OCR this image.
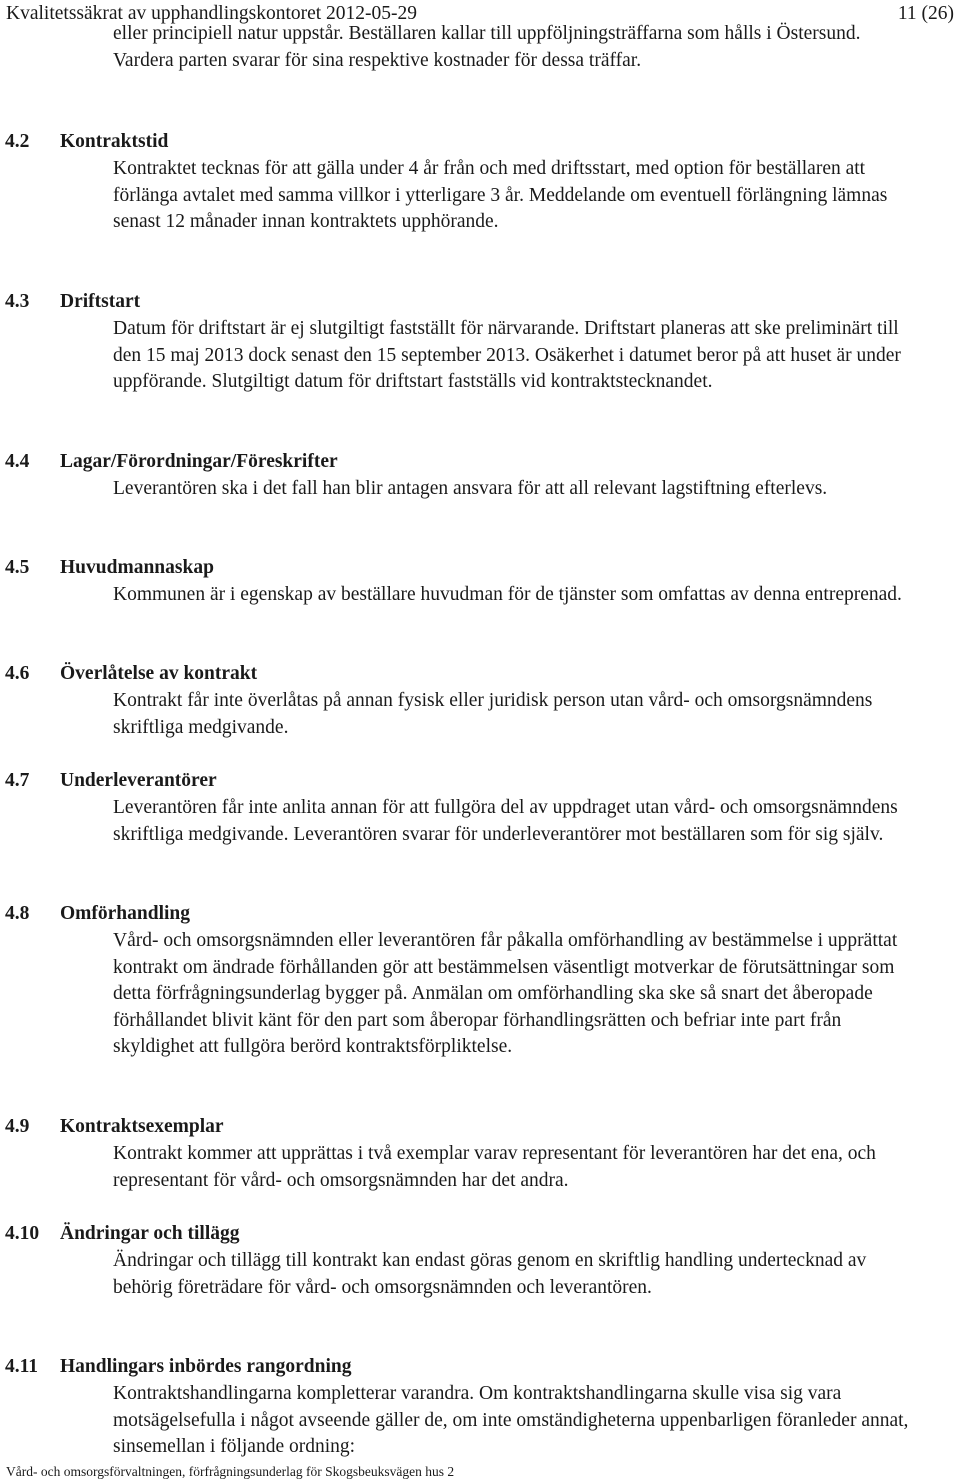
Kvalitetssäkrat av upphandlingskontoret 2012-05-29	11 (26)

eller principiell natur uppstår. Beställaren kallar till uppföljningsträffarna som hålls i Östersund. Vardera parten svarar för sina respektive kostnader för dessa träffar.

4.2 Kontraktstid

Kontraktet tecknas för att gälla under 4 år från och med driftsstart, med option för beställaren att förlänga avtalet med samma villkor i ytterligare 3 år. Meddelande om eventuell förlängning lämnas senast 12 månader innan kontraktets upphörande.

4.3 Driftstart

Datum för driftstart är ej slutgiltigt fastställt för närvarande. Driftstart planeras att ske preliminärt till den 15 maj 2013 dock senast den 15 september 2013. Osäkerhet i datumet beror på att huset är under uppförande. Slutgiltigt datum för driftstart fastställs vid kontraktstecknandet.

4.4 Lagar/Förordningar/Föreskrifter

Leverantören ska i det fall han blir antagen ansvara för att all relevant lagstiftning efterlevs.

4.5 Huvudmannaskap

Kommunen är i egenskap av beställare huvudman för de tjänster som omfattas av denna entreprenad.

4.6 Överlåtelse av kontrakt

Kontrakt får inte överlåtas på annan fysisk eller juridisk person utan vård- och omsorgsnämndens skriftliga medgivande.

4.7 Underleverantörer

Leverantören får inte anlita annan för att fullgöra del av uppdraget utan vård- och omsorgsnämndens skriftliga medgivande. Leverantören svarar för underleverantörer mot beställaren som för sig själv.

4.8 Omförhandling

Vård- och omsorgsnämnden eller leverantören får påkalla omförhandling av bestämmelse i upprättat kontrakt om ändrade förhållanden gör att bestämmelsen väsentligt motverkar de förutsättningar som detta förfrågningsunderlag bygger på. Anmälan om omförhandling ska ske så snart det åberopade förhållandet blivit känt för den part som åberopar förhandlingsrätten och befriar inte part från skyldighet att fullgöra berörd kontraktsförpliktelse.

4.9 Kontraktsexemplar

Kontrakt kommer att upprättas i två exemplar varav representant för leverantören har det ena, och representant för vård- och omsorgsnämnden har det andra.

4.10 Ändringar och tillägg

Ändringar och tillägg till kontrakt kan endast göras genom en skriftlig handling undertecknad av behörig företrädare för vård- och omsorgsnämnden och leverantören.

4.11 Handlingars inbördes rangordning

Kontraktshandlingarna kompletterar varandra. Om kontraktshandlingarna skulle visa sig vara motsägelsefulla i något avseende gäller de, om inte omständigheterna uppenbarligen föranleder annat, sinsemellan i följande ordning:

Vård- och omsorgsförvaltningen, förfrågningsunderlag för Skogsbeuksvägen hus 2
